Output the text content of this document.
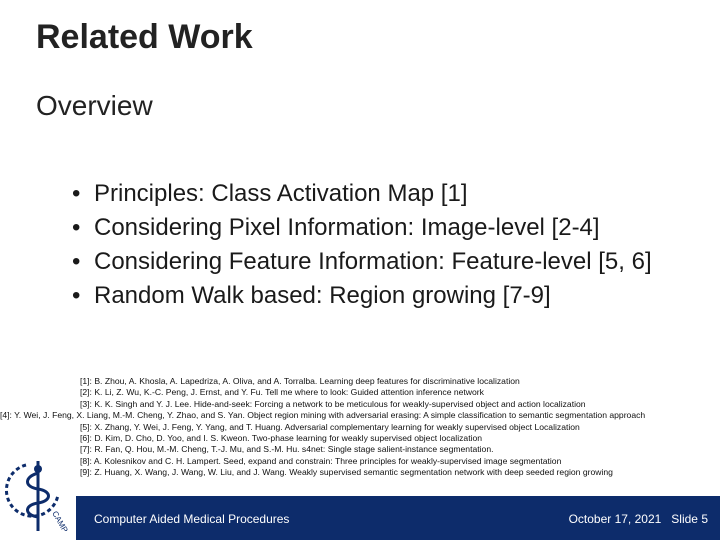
Related Work
Overview
• Principles: Class Activation Map [1]
• Considering Pixel Information: Image-level [2-4]
• Considering Feature Information: Feature-level [5, 6]
• Random Walk based: Region growing [7-9]

[1]: B. Zhou, A. Khosla, A. Lapedriza, A. Oliva, and A. Torralba. Learning deep features for discriminative localization

[2]: K. Li, Z. Wu, K.-C. Peng, J. Ernst, and Y. Fu. Tell me where to look: Guided attention inference network

[3]: K. K. Singh and Y. J. Lee. Hide-and-seek: Forcing a network to be meticulous for weakly-supervised object and action localization

[4]: Y. Wei, J. Feng, X. Liang, M.-M. Cheng, Y. Zhao, and S. Yan. Object region mining with adversarial erasing: A simple classification to semantic segmentation approach

[5]: X. Zhang, Y. Wei, J. Feng, Y. Yang, and T. Huang. Adversarial complementary learning for weakly supervised object Localization

[6]: D. Kim, D. Cho, D. Yoo, and I. S. Kweon. Two-phase learning for weakly supervised object localization

[7]: R. Fan, Q. Hou, M.-M. Cheng, T.-J. Mu, and S.-M. Hu. s4net: Single stage salient-instance segmentation.

[8]: A. Kolesnikov and C. H. Lampert. Seed, expand and constrain: Three principles for weakly-supervised image segmentation

[9]: Z. Huang, X. Wang, J. Wang, W. Liu, and J. Wang. Weakly supervised semantic segmentation network with deep seeded region growing

CAMP Computer Aided Medical Procedures	October 17, 2021   Slide 5
